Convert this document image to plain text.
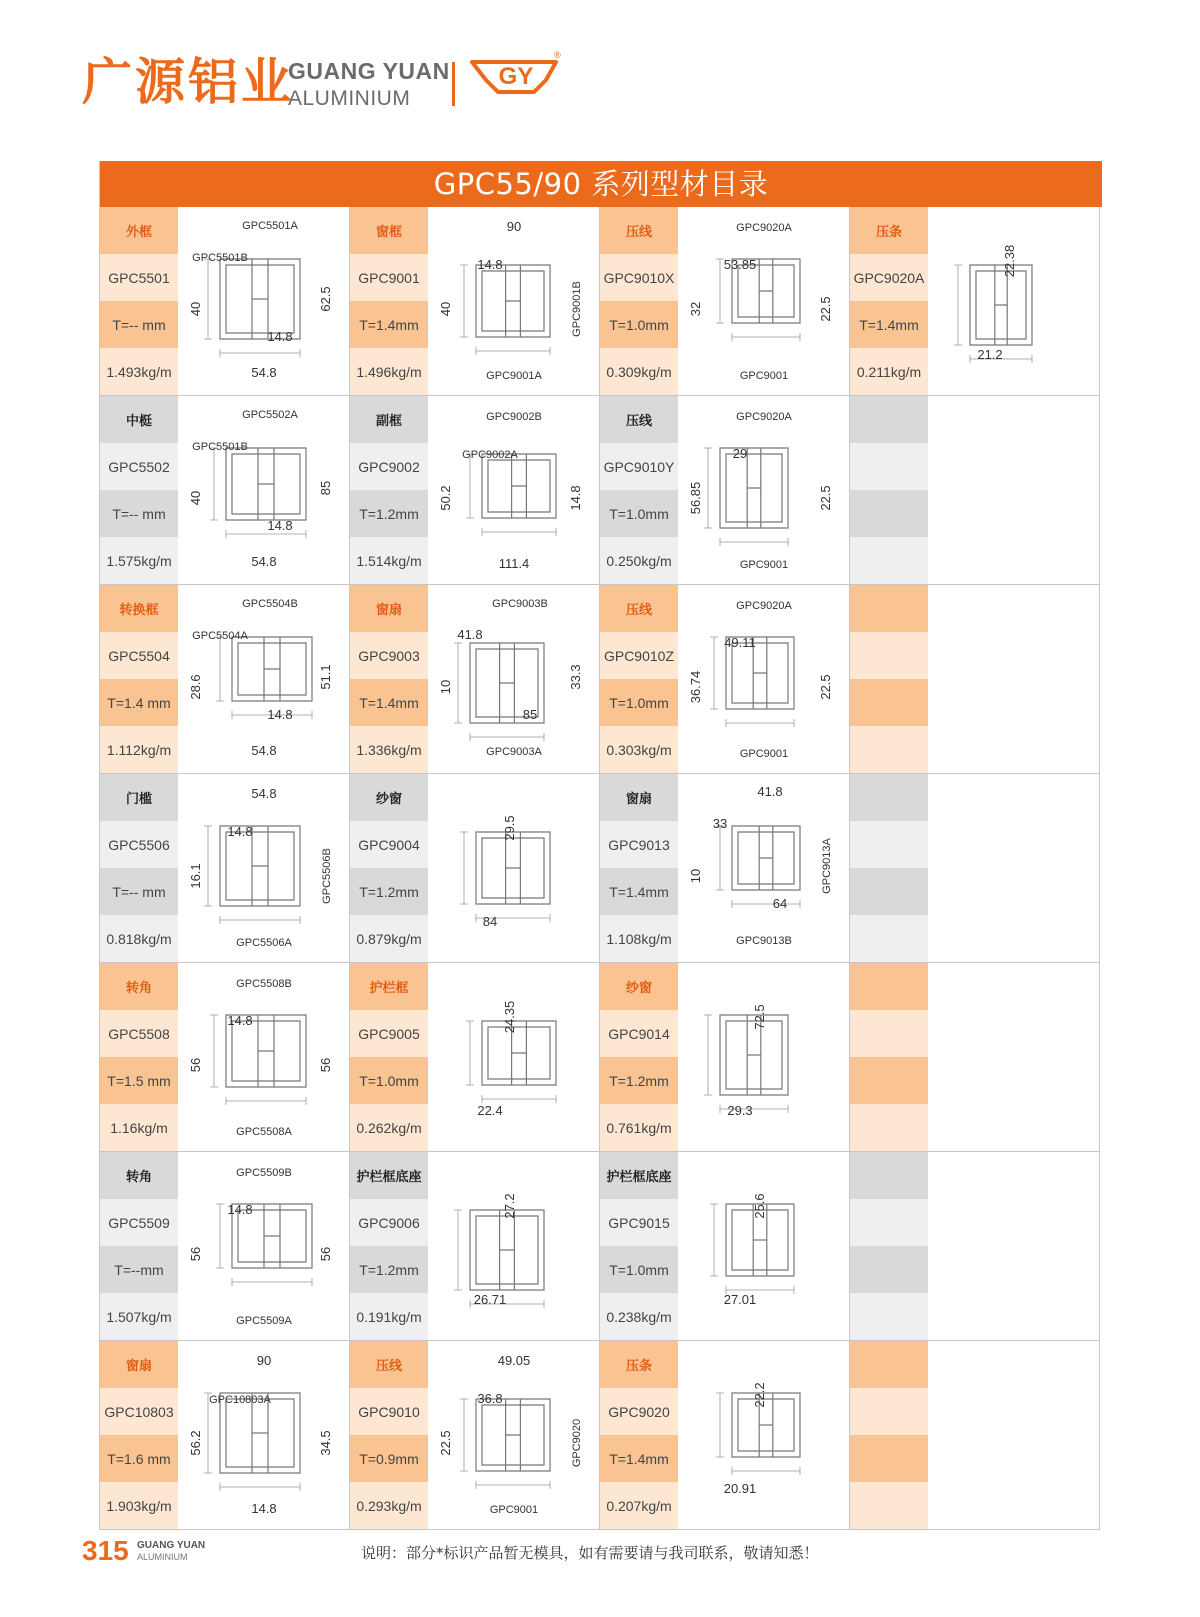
广源铝业
GUANG YUAN
ALUMINIUM
GY
®
GPC55/90 系列型材目录
外框
GPC5501
T=-- mm
1.493kg/m
GPC5501A
GPC5501B
40	62.5
14.8
54.8
窗框
GPC9001
T=1.4mm
1.496kg/m
90
14.8
40	GPC9001B
GPC9001A
压线
GPC9010X
T=1.0mm
0.309kg/m
GPC9020A
53.85
32	22.5
GPC9001
压条
GPC9020A
T=1.4mm
0.211kg/m
22.38
21.2
中梃
GPC5502
T=-- mm
1.575kg/m
GPC5502A
GPC5501B
40
85
14.8
54.8
副框
GPC9002
T=1.2mm
1.514kg/m
GPC9002B
GPC9002A
50.2	14.8
111.4
压线
GPC9010Y
T=1.0mm
0.250kg/m
GPC9020A
29
56.85	22.5
GPC9001
转换框
GPC5504
T=1.4 mm
1.112kg/m
GPC5504B
GPC5504A
28.6	51.1
14.8
54.8
窗扇
GPC9003
T=1.4mm
1.336kg/m
GPC9003B
41.8
10	33.3
85
GPC9003A
压线
GPC9010Z
T=1.0mm
0.303kg/m
GPC9020A
49.11
36.74	22.5
GPC9001
门槛
GPC5506
T=-- mm
0.818kg/m
54.8
14.8
16.1	GPC5506B
GPC5506A
纱窗
GPC9004
T=1.2mm
0.879kg/m
29.5
84
窗扇
GPC9013
T=1.4mm
1.108kg/m
41.8
33
10	GPC9013A
64
GPC9013B
转角
GPC5508
T=1.5 mm
1.16kg/m
GPC5508B
14.8
56	56
GPC5508A
护栏框
GPC9005
T=1.0mm
0.262kg/m
24.35
22.4
纱窗
GPC9014
T=1.2mm
0.761kg/m
72.5
29.3
转角
GPC5509
T=--mm
1.507kg/m
GPC5509B
14.8
56	56
GPC5509A
护栏框底座
GPC9006
T=1.2mm
0.191kg/m
27.2
26.71
护栏框底座
GPC9015
T=1.0mm
0.238kg/m
25.6
27.01
窗扇
GPC10803
T=1.6 mm
1.903kg/m
90
GPC10803A
56.2	34.5
14.8
压线
GPC9010
T=0.9mm
0.293kg/m
49.05
36.8
22.5	GPC9020
GPC9001
压条
GPC9020
T=1.4mm
0.207kg/m
22.2
20.91
315 GUANG YUAN
ALUMINIUM	说明：部分*标识产品暂无模具，如有需要请与我司联系，敬请知悉！
